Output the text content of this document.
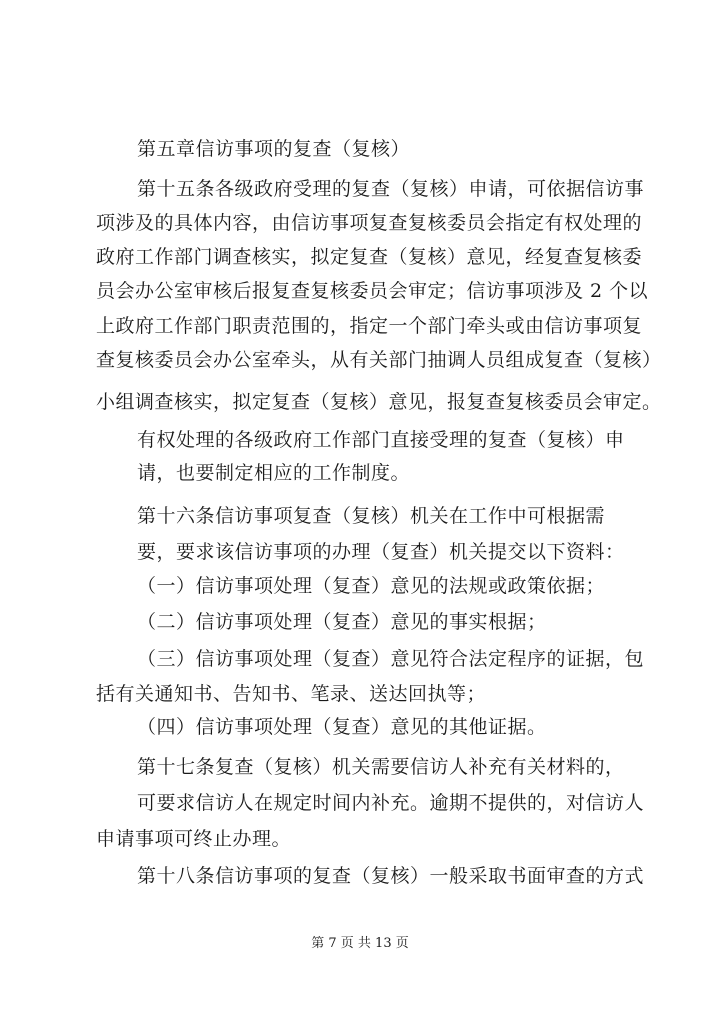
第五章信访事项的复查（复核）
第十五条各级政府受理的复查（复核）申请，可依据信访事
项涉及的具体内容，由信访事项复查复核委员会指定有权处理的
政府工作部门调查核实，拟定复查（复核）意见，经复查复核委
员会办公室审核后报复查复核委员会审定；信访事项涉及 2 个以
上政府工作部门职责范围的，指定一个部门牵头或由信访事项复
查复核委员会办公室牵头，从有关部门抽调人员组成复查（复核）
小组调查核实，拟定复查（复核）意见，报复查复核委员会审定。
有权处理的各级政府工作部门直接受理的复查（复核）申
请，也要制定相应的工作制度。
第十六条信访事项复查（复核）机关在工作中可根据需
要，要求该信访事项的办理（复查）机关提交以下资料：
（一）信访事项处理（复查）意见的法规或政策依据；
（二）信访事项处理（复查）意见的事实根据；
（三）信访事项处理（复查）意见符合法定程序的证据，包
括有关通知书、告知书、笔录、送达回执等；
（四）信访事项处理（复查）意见的其他证据。
第十七条复查（复核）机关需要信访人补充有关材料的，
可要求信访人在规定时间内补充。逾期不提供的，对信访人
申请事项可终止办理。
第十八条信访事项的复查（复核）一般采取书面审查的方式
第 7 页 共 13 页
